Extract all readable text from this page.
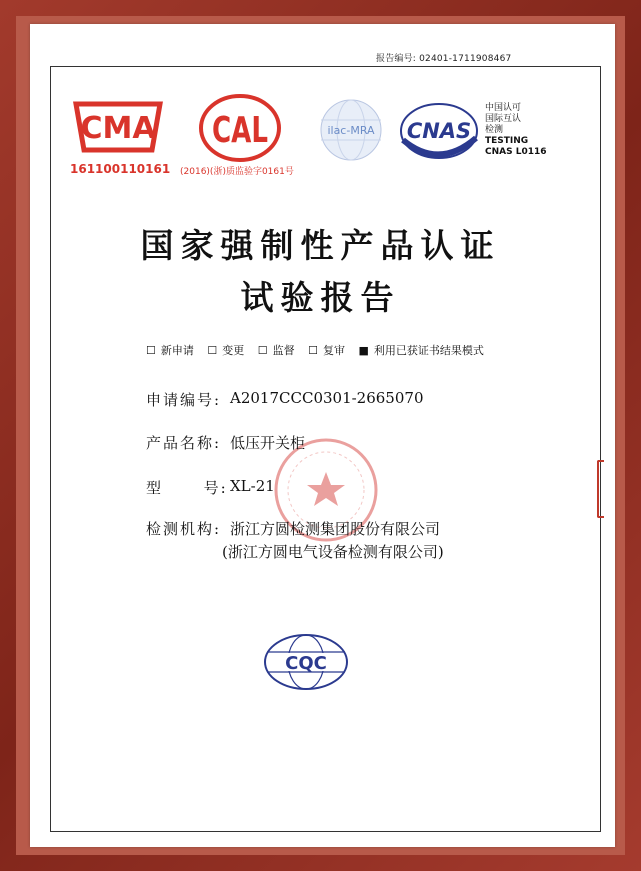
报告编号: 02401-1711908467
CMA
161100110161
CAL
(2016)(浙)质监验字0161号
ilac-MRA CNAS
中国认可
国际互认
检测
TESTING
CNAS L0116
国家强制性产品认证
试验报告
☐ 新申请 ☐ 变更 ☐ 监督 ☐ 复审 ■ 利用已获证书结果模式
申请编号: A2017CCC0301-2665070
产品名称: 低压开关柜
型      号: XL-21
检测机构: 浙江方圆检测集团股份有限公司
(浙江方圆电气设备检测有限公司)
CQC
